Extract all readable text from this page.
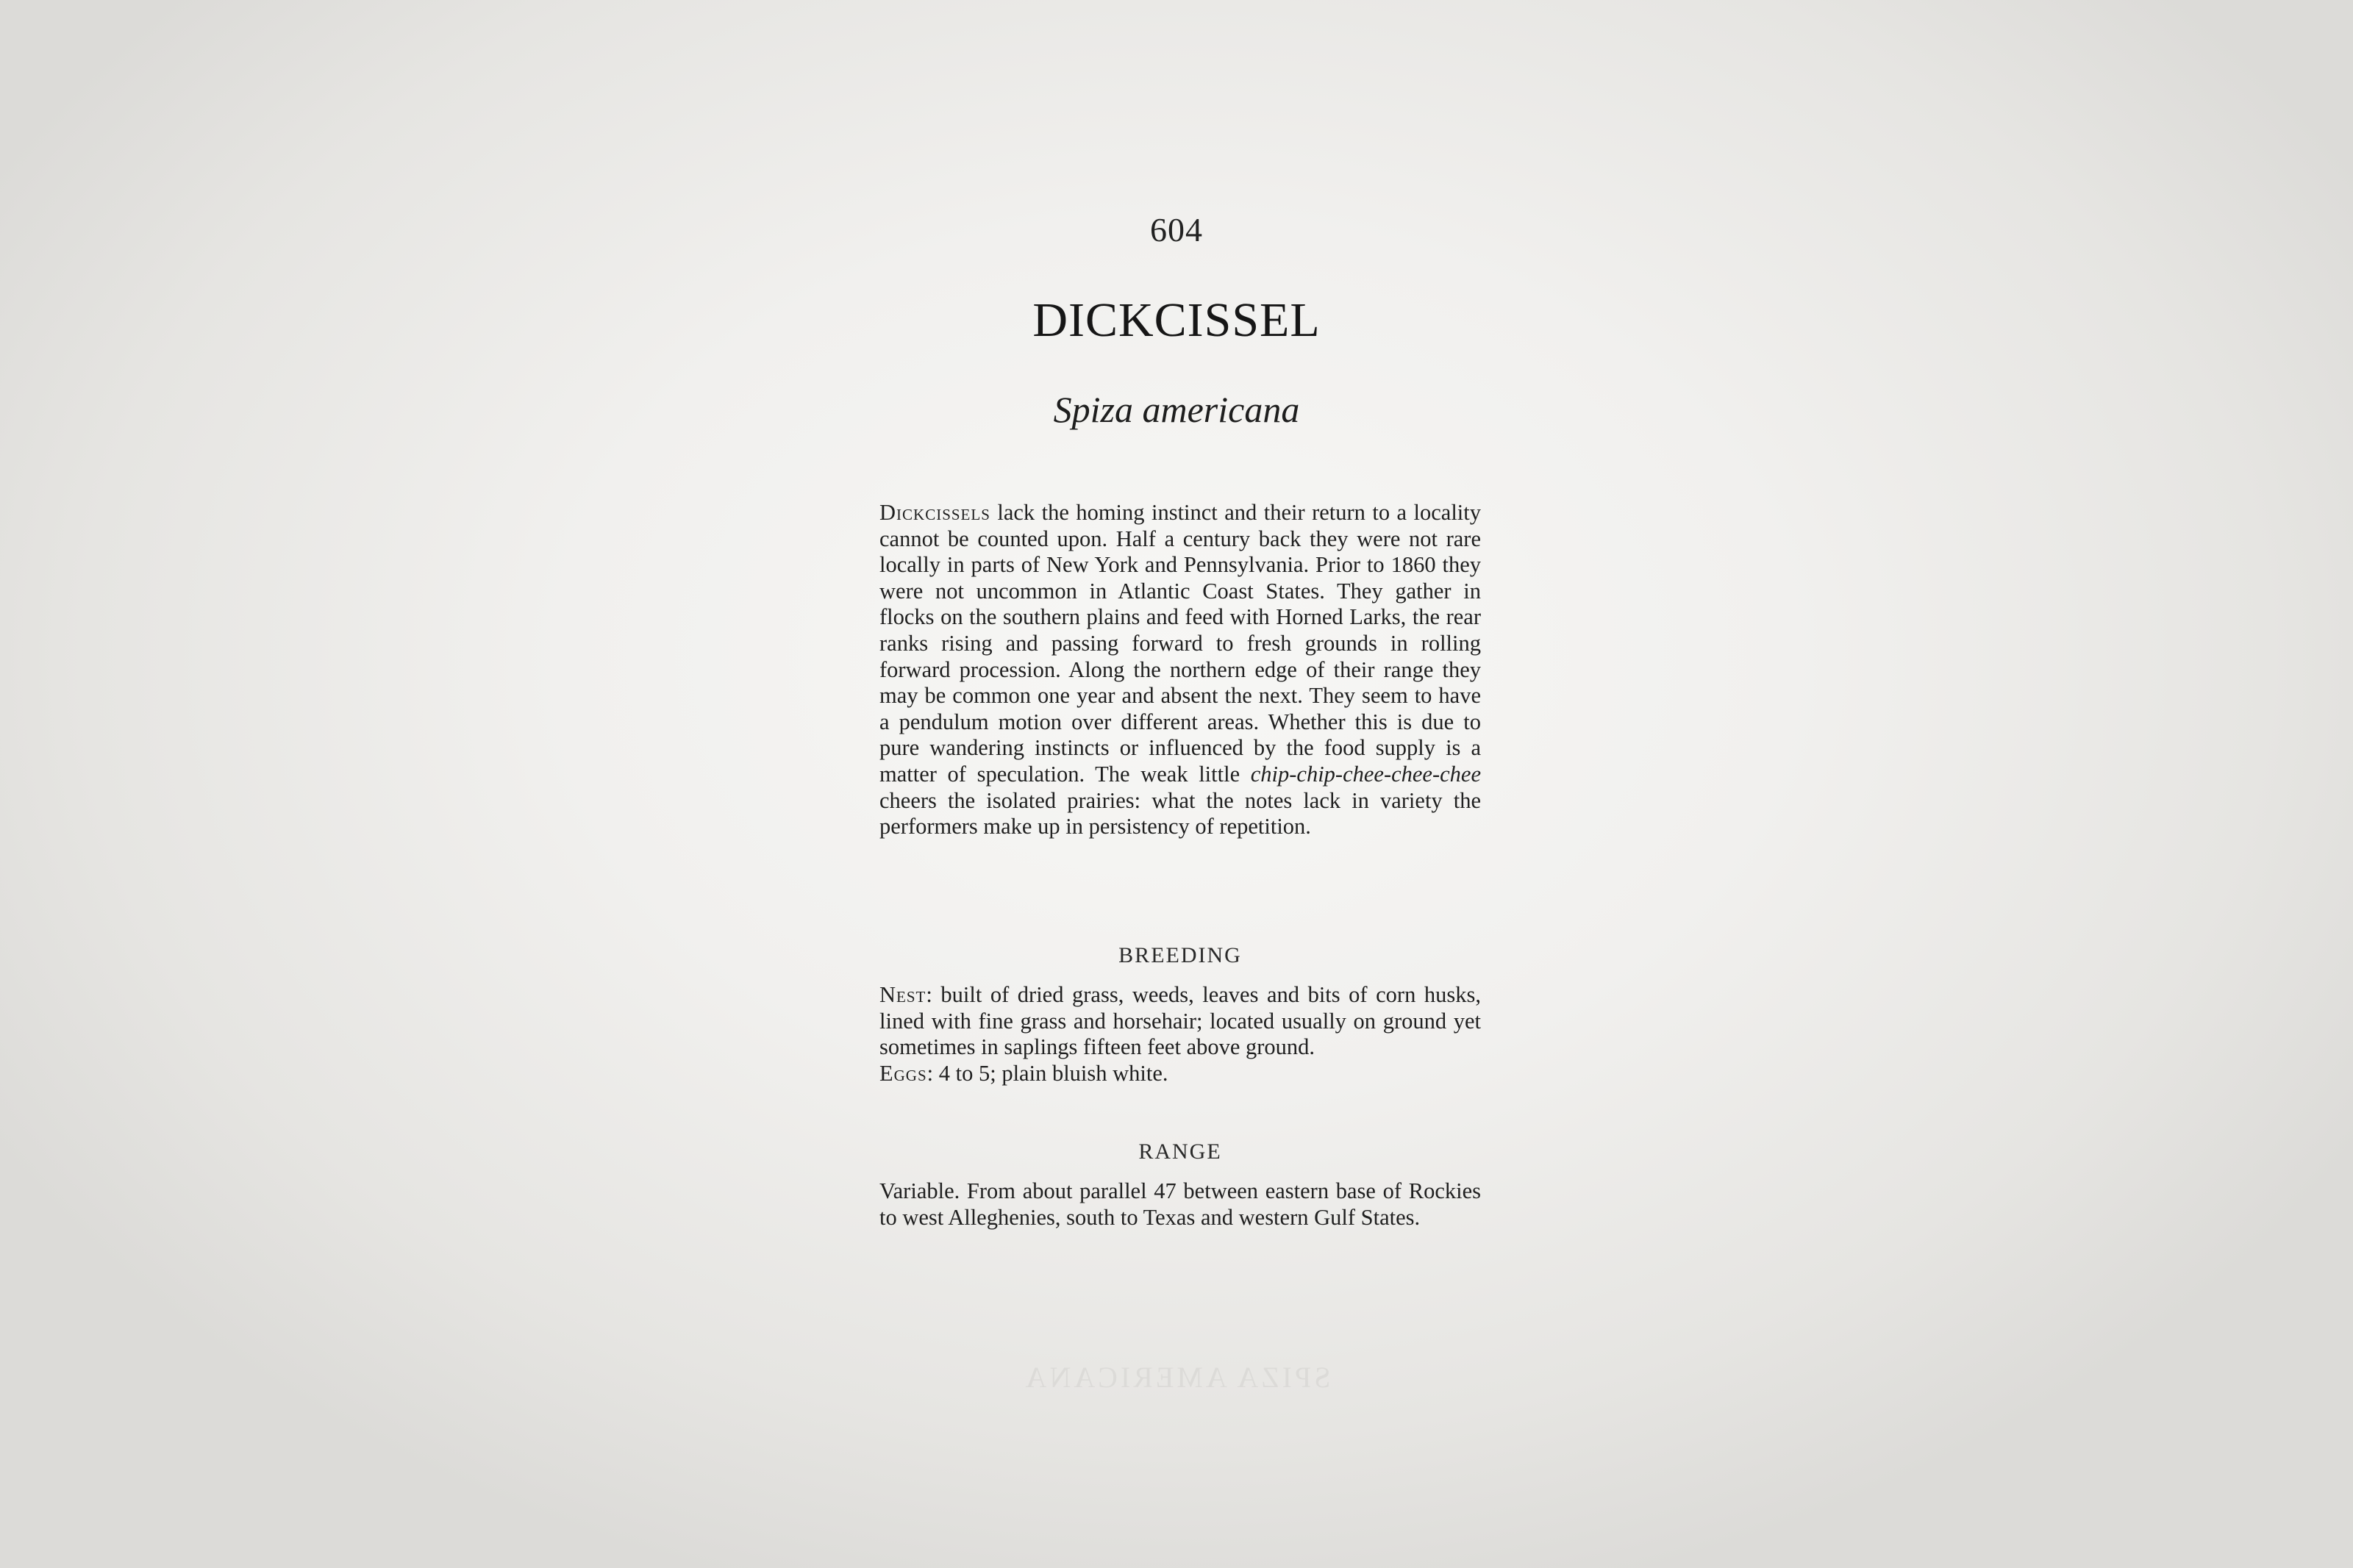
SPIZA AMERICANA
604
DICKCISSEL
Spiza americana

Dickcissels lack the homing instinct and their return to a locality cannot be counted upon. Half a century back they were not rare locally in parts of New York and Pennsylvania. Prior to 1860 they were not uncommon in Atlantic Coast States. They gather in flocks on the southern plains and feed with Horned Larks, the rear ranks rising and passing forward to fresh grounds in rolling forward procession. Along the northern edge of their range they may be common one year and absent the next. They seem to have a pendulum motion over different areas. Whether this is due to pure wandering instincts or influenced by the food supply is a matter of speculation. The weak little chip-chip-chee-chee-chee cheers the isolated prairies: what the notes lack in variety the performers make up in persistency of repetition.

BREEDING
Nest: built of dried grass, weeds, leaves and bits of corn husks, lined with fine grass and horsehair; located usually on ground yet sometimes in saplings fifteen feet above ground.
Eggs: 4 to 5; plain bluish white.
RANGE

Variable. From about parallel 47 between eastern base of Rockies to west Alleghenies, south to Texas and western Gulf States.
